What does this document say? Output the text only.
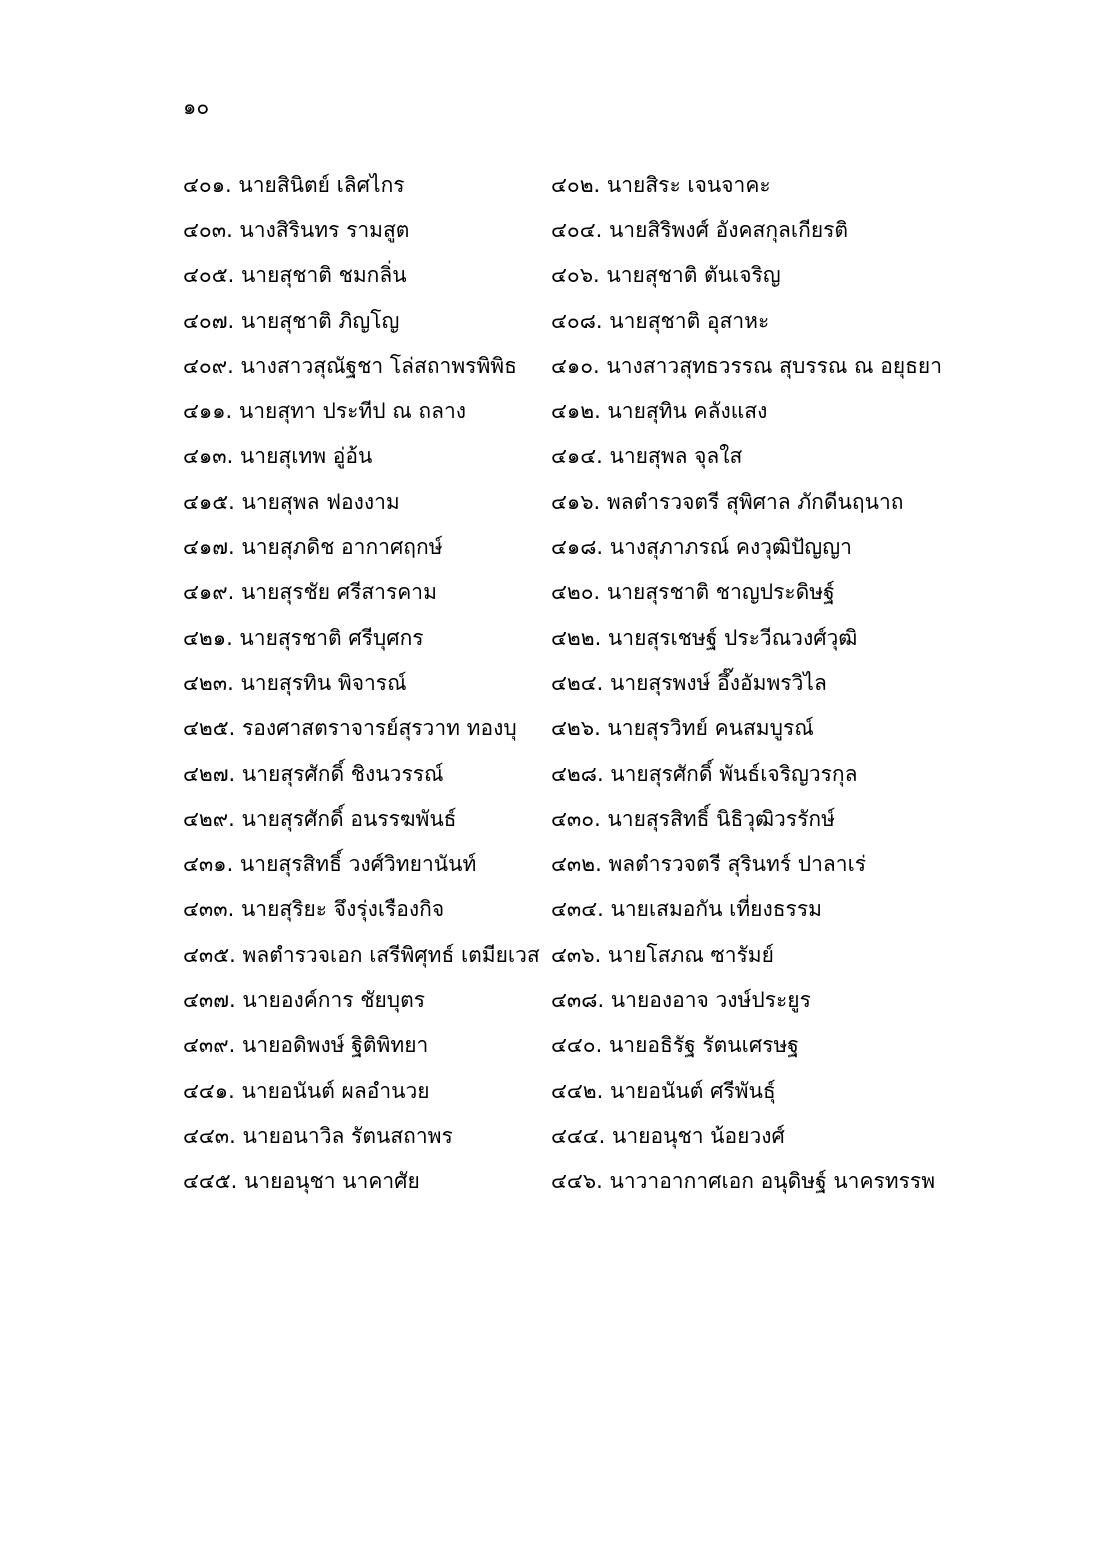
๑๐
๔๐๑. นายสินิตย์ เลิศไกร	๔๐๒. นายสิระ เจนจาคะ
๔๐๓. นางสิรินทร รามสูต	๔๐๔. นายสิริพงศ์ อังคสกุลเกียรติ
๔๐๕. นายสุชาติ ชมกลิ่น	๔๐๖. นายสุชาติ ตันเจริญ
๔๐๗. นายสุชาติ ภิญโญ	๔๐๘. นายสุชาติ อุสาหะ
๔๐๙. นางสาวสุณัฐชา โล่สถาพรพิพิธ	๔๑๐. นางสาวสุทธวรรณ สุบรรณ ณ อยุธยา
๔๑๑. นายสุทา ประทีป ณ ถลาง	๔๑๒. นายสุทิน คลังแสง
๔๑๓. นายสุเทพ อู่อ้น	๔๑๔. นายสุพล จุลใส
๔๑๕. นายสุพล ฟองงาม	๔๑๖. พลตำรวจตรี สุพิศาล ภักดีนฤนาถ
๔๑๗. นายสุภดิช อากาศฤกษ์	๔๑๘. นางสุภาภรณ์ คงวุฒิปัญญา
๔๑๙. นายสุรชัย ศรีสารคาม	๔๒๐. นายสุรชาติ ชาญประดิษฐ์
๔๒๑. นายสุรชาติ ศรีบุศกร	๔๒๒. นายสุรเชษฐ์ ประวีณวงศ์วุฒิ
๔๒๓. นายสุรทิน พิจารณ์	๔๒๔. นายสุรพงษ์ อึ๊งอัมพรวิไล
๔๒๕. รองศาสตราจารย์สุรวาท ทองบุ	๔๒๖. นายสุรวิทย์ คนสมบูรณ์
๔๒๗. นายสุรศักดิ์ ชิงนวรรณ์	๔๒๘. นายสุรศักดิ์ พันธ์เจริญวรกุล
๔๒๙. นายสุรศักดิ์ อนรรฆพันธ์	๔๓๐. นายสุรสิทธิ์ นิธิวุฒิวรรักษ์
๔๓๑. นายสุรสิทธิ์ วงศ์วิทยานันท์	๔๓๒. พลตำรวจตรี สุรินทร์ ปาลาเร่
๔๓๓. นายสุริยะ จึงรุ่งเรืองกิจ	๔๓๔. นายเสมอกัน เที่ยงธรรม
๔๓๕. พลตำรวจเอก เสรีพิศุทธ์ เตมียเวส ๔๓๖. นายโสภณ ซารัมย์
๔๓๗. นายองค์การ ชัยบุตร	๔๓๘. นายองอาจ วงษ์ประยูร
๔๓๙. นายอดิพงษ์ ฐิติพิทยา	๔๔๐. นายอธิรัฐ รัตนเศรษฐ
๔๔๑. นายอนันต์ ผลอำนวย	๔๔๒. นายอนันต์ ศรีพันธุ์
๔๔๓. นายอนาวิล รัตนสถาพร	๔๔๔. นายอนุชา น้อยวงศ์
๔๔๕. นายอนุชา นาคาศัย	๔๔๖. นาวาอากาศเอก อนุดิษฐ์ นาครทรรพ
